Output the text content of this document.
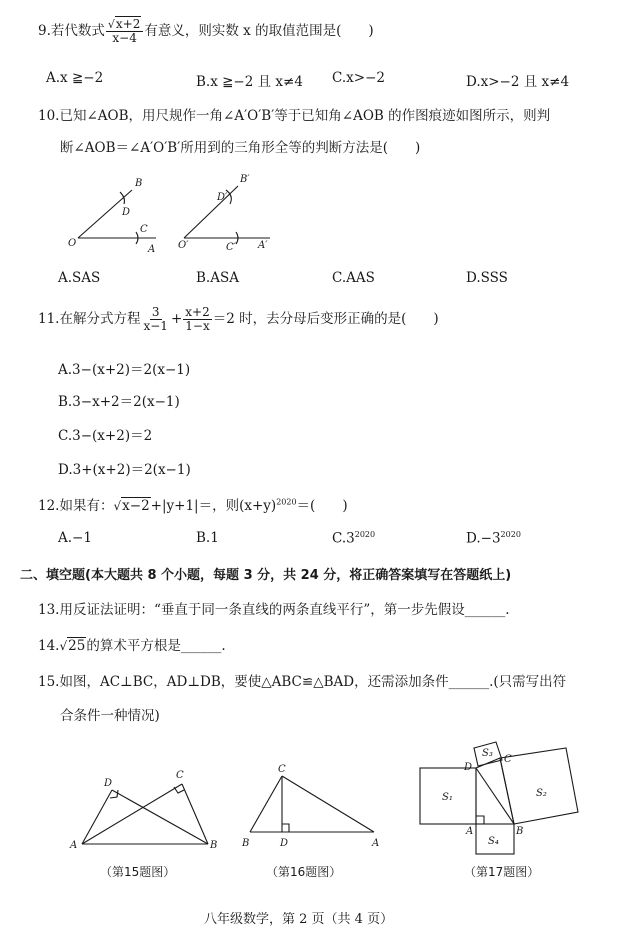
9.若代数式 $\frac{√x+2}{x-4}$ 有意义，则实数 x 的取值范围是(　　)
A.x ≧−2	B.x ≧−2 且 x≠4 C.x>−2	D.x>−2 且 x≠4
10.已知∠AOB，用尺规作一角∠A′O′B′等于已知角∠AOB 的作图痕迹如图所示，则判
断∠AOB＝∠A′O′B′所用到的三角形全等的判断方法是(　　)
B
D
C
O
A
B′
D′
O′	C′ A′
A.SAS	B.ASA	C.AAS	D.SSS
11.在解分式方程 $\frac{3}{x-1} + \frac{x+2}{1-x} =2$ 时，去分母后变形正确的是(　　)
A.3−(x+2)＝2(x−1)
B.3−x+2＝2(x−1)
C.3−(x+2)＝2
D.3+(x+2)＝2(x−1)
12.如果有：√x−2+|y+1|＝，则$(x+y)^{2020}=$(　　)
A.−1	B.1	$C.3^{2020}$	$D.-3^{2020}$
二、填空题(本大题共 8 个小题，每题 3 分，共 24 分，将正确答案填写在答题纸上)
13.用反证法证明：“垂直于同一条直线的两条直线平行”，第一步先假设______.
14.√25的算术平方根是______.
15.如图，AC⊥BC，AD⊥DB，要使△ABC≌△BAD，还需添加条件______.(只需写出符
合条件一种情况)
D
C
A	B
（第15题图）
C
B	D	A
（第16题图）
S₃
C
D
S₁	S₂
A	B
S₄
（第17题图）
八年级数学，第 2 页（共 4 页）
